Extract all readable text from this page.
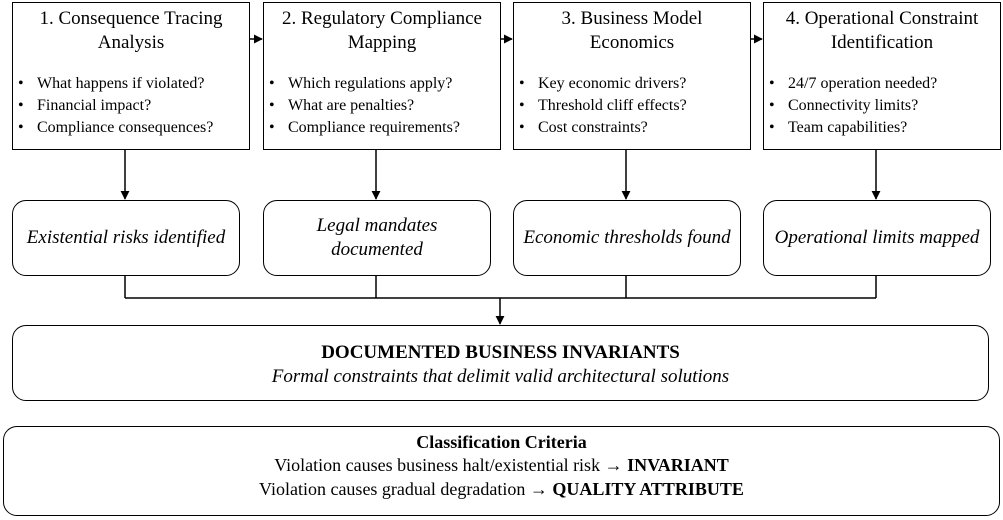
1. Consequence Tracing
Analysis
• What happens if violated?
• Financial impact?
• Compliance consequences?
2. Regulatory Compliance
Mapping
• Which regulations apply?
• What are penalties?
• Compliance requirements?
3. Business Model
Economics
• Key economic drivers?
• Threshold cliff effects?
• Cost constraints?
4. Operational Constraint
Identification
• 24/7 operation needed?
• Connectivity limits?
• Team capabilities?
Existential risks identified
Legal mandates
documented
Economic thresholds found Operational limits mapped
DOCUMENTED BUSINESS INVARIANTS
Formal constraints that delimit valid architectural solutions
Classification Criteria
Violation causes business halt/existential risk → INVARIANT
Violation causes gradual degradation → QUALITY ATTRIBUTE
